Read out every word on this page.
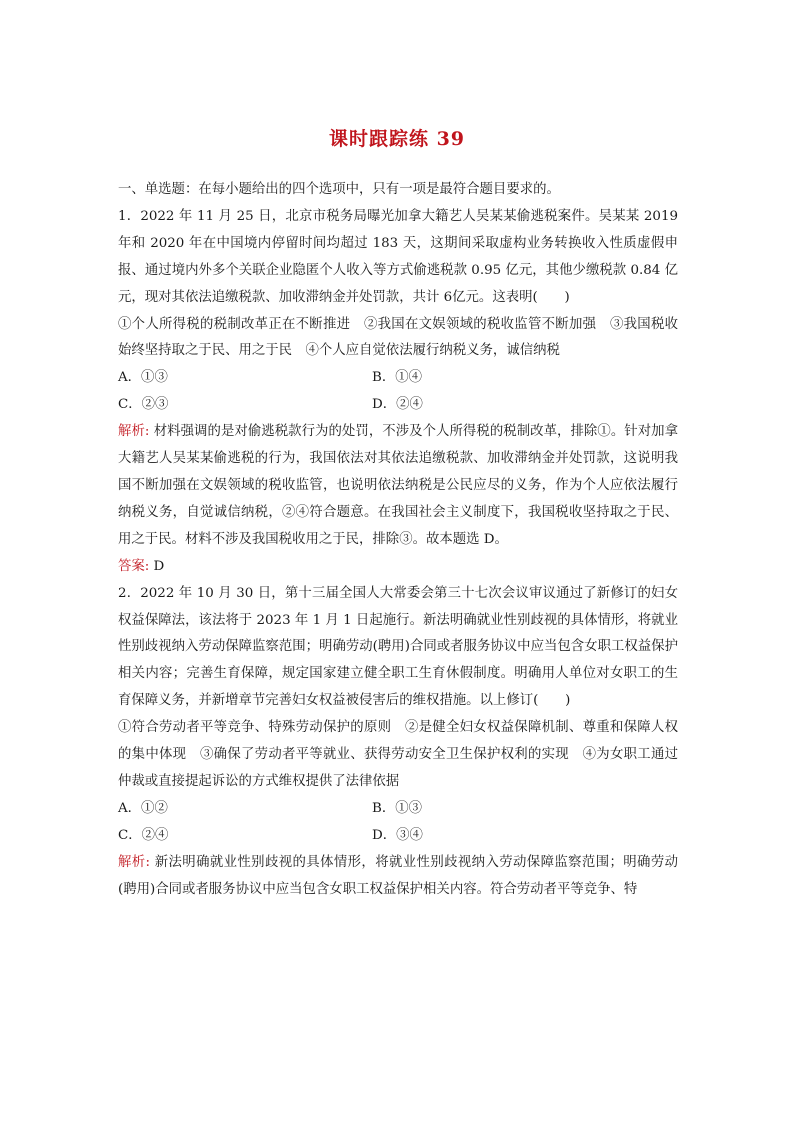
课时跟踪练 39

一、单选题：在每小题给出的四个选项中，只有一项是最符合题目要求的。

1．2022 年 11 月 25 日，北京市税务局曝光加拿大籍艺人吴某某偷逃税案件。吴某某 2019 年和 2020 年在中国境内停留时间均超过 183 天，这期间采取虚构业务转换收入性质虚假申报、通过境内外多个关联企业隐匿个人收入等方式偷逃税款 0.95 亿元，其他少缴税款 0.84 亿元，现对其依法追缴税款、加收滞纳金并处罚款，共计 6亿元。这表明(　　)

①个人所得税的税制改革正在不断推进　②我国在文娱领域的税收监管不断加强　③我国税收始终坚持取之于民、用之于民　④个人应自觉依法履行纳税义务，诚信纳税

A．①③	B．①④
C．②③	D．②④

解析: 材料强调的是对偷逃税款行为的处罚，不涉及个人所得税的税制改革，排除①。针对加拿大籍艺人吴某某偷逃税的行为，我国依法对其依法追缴税款、加收滞纳金并处罚款，这说明我国不断加强在文娱领域的税收监管，也说明依法纳税是公民应尽的义务，作为个人应依法履行纳税义务，自觉诚信纳税，②④符合题意。在我国社会主义制度下，我国税收坚持取之于民、用之于民。材料不涉及我国税收用之于民，排除③。故本题选 D。

答案: D

2．2022 年 10 月 30 日，第十三届全国人大常委会第三十七次会议审议通过了新修订的妇女权益保障法，该法将于 2023 年 1 月 1 日起施行。新法明确就业性别歧视的具体情形，将就业性别歧视纳入劳动保障监察范围；明确劳动(聘用)合同或者服务协议中应当包含女职工权益保护相关内容；完善生育保障，规定国家建立健全职工生育休假制度。明确用人单位对女职工的生育保障义务，并新增章节完善妇女权益被侵害后的维权措施。以上修订(　　)

①符合劳动者平等竞争、特殊劳动保护的原则　②是健全妇女权益保障机制、尊重和保障人权的集中体现　③确保了劳动者平等就业、获得劳动安全卫生保护权利的实现　④为女职工通过仲裁或直接提起诉讼的方式维权提供了法律依据

A．①②	B．①③
C．②④	D．③④

解析: 新法明确就业性别歧视的具体情形，将就业性别歧视纳入劳动保障监察范围；明确劳动(聘用)合同或者服务协议中应当包含女职工权益保护相关内容。符合劳动者平等竞争、特
